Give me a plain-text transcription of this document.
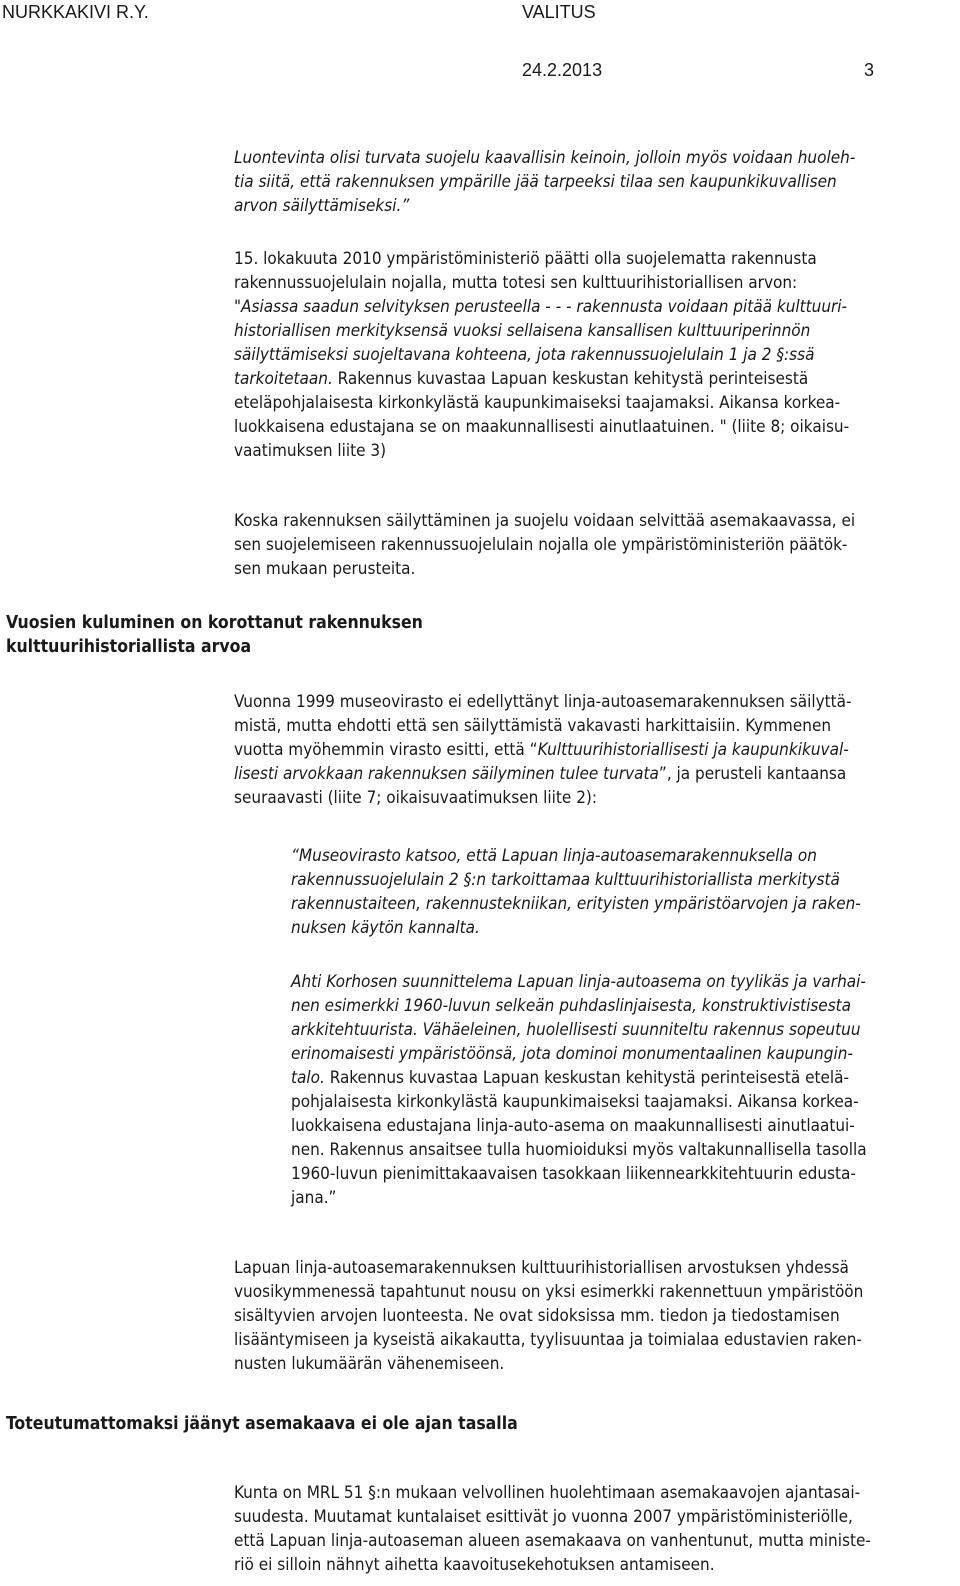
NURKKAKIVI R.Y.	VALITUS
24.2.2013	3

Luontevinta olisi turvata suojelu kaavallisin keinoin, jolloin myös voidaan huoleh-
tia siitä, että rakennuksen ympärille jää tarpeeksi tilaa sen kaupunkikuvallisen
arvon säilyttämiseksi.”

15. lokakuuta 2010 ympäristöministeriö päätti olla suojelematta rakennusta
rakennussuojelulain nojalla, mutta totesi sen kulttuurihistoriallisen arvon:
"Asiassa saadun selvityksen perusteella - - - rakennusta voidaan pitää kulttuuri-
historiallisen merkityksensä vuoksi sellaisena kansallisen kulttuuriperinnön
säilyttämiseksi suojeltavana kohteena, jota rakennussuojelulain 1 ja 2 §:ssä
tarkoitetaan. Rakennus kuvastaa Lapuan keskustan kehitystä perinteisestä
eteläpohjalaisesta kirkonkylästä kaupunkimaiseksi taajamaksi. Aikansa korkea-
luokkaisena edustajana se on maakunnallisesti ainutlaatuinen. " (liite 8; oikaisu-
vaatimuksen liite 3)

Koska rakennuksen säilyttäminen ja suojelu voidaan selvittää asemakaavassa, ei
sen suojelemiseen rakennussuojelulain nojalla ole ympäristöministeriön päätök-
sen mukaan perusteita.

Vuosien kuluminen on korottanut rakennuksen
kulttuurihistoriallista arvoa

Vuonna 1999 museovirasto ei edellyttänyt linja-autoasemarakennuksen säilyttä-
mistä, mutta ehdotti että sen säilyttämistä vakavasti harkittaisiin. Kymmenen
vuotta myöhemmin virasto esitti, että “Kulttuurihistoriallisesti ja kaupunkikuval-
lisesti arvokkaan rakennuksen säilyminen tulee turvata”, ja perusteli kantaansa
seuraavasti (liite 7; oikaisuvaatimuksen liite 2):

“Museovirasto katsoo, että Lapuan linja-autoasemarakennuksella on
rakennussuojelulain 2 §:n tarkoittamaa kulttuurihistoriallista merkitystä
rakennustaiteen, rakennustekniikan, erityisten ympäristöarvojen ja raken-
nuksen käytön kannalta.

Ahti Korhosen suunnittelema Lapuan linja-autoasema on tyylikäs ja varhai-
nen esimerkki 1960-luvun selkeän puhdaslinjaisesta, konstruktivistisesta
arkkitehtuurista. Vähäeleinen, huolellisesti suunniteltu rakennus sopeutuu
erinomaisesti ympäristöönsä, jota dominoi monumentaalinen kaupungin-
talo. Rakennus kuvastaa Lapuan keskustan kehitystä perinteisestä etelä-
pohjalaisesta kirkonkylästä kaupunkimaiseksi taajamaksi. Aikansa korkea-
luokkaisena edustajana linja-auto-asema on maakunnallisesti ainutlaatui-
nen. Rakennus ansaitsee tulla huomioiduksi myös valtakunnallisella tasolla
1960-luvun pienimittakaavaisen tasokkaan liikennearkkitehtuurin edusta-
jana.”

Lapuan linja-autoasemarakennuksen kulttuurihistoriallisen arvostuksen yhdessä
vuosikymmenessä tapahtunut nousu on yksi esimerkki rakennettuun ympäristöön
sisältyvien arvojen luonteesta. Ne ovat sidoksissa mm. tiedon ja tiedostamisen
lisääntymiseen ja kyseistä aikakautta, tyylisuuntaa ja toimialaa edustavien raken-
nusten lukumäärän vähenemiseen.

Toteutumattomaksi jäänyt asemakaava ei ole ajan tasalla

Kunta on MRL 51 §:n mukaan velvollinen huolehtimaan asemakaavojen ajantasai-
suudesta. Muutamat kuntalaiset esittivät jo vuonna 2007 ympäristöministeriölle,
että Lapuan linja-autoaseman alueen asemakaava on vanhentunut, mutta ministe-
riö ei silloin nähnyt aihetta kaavoitusekehotuksen antamiseen.
